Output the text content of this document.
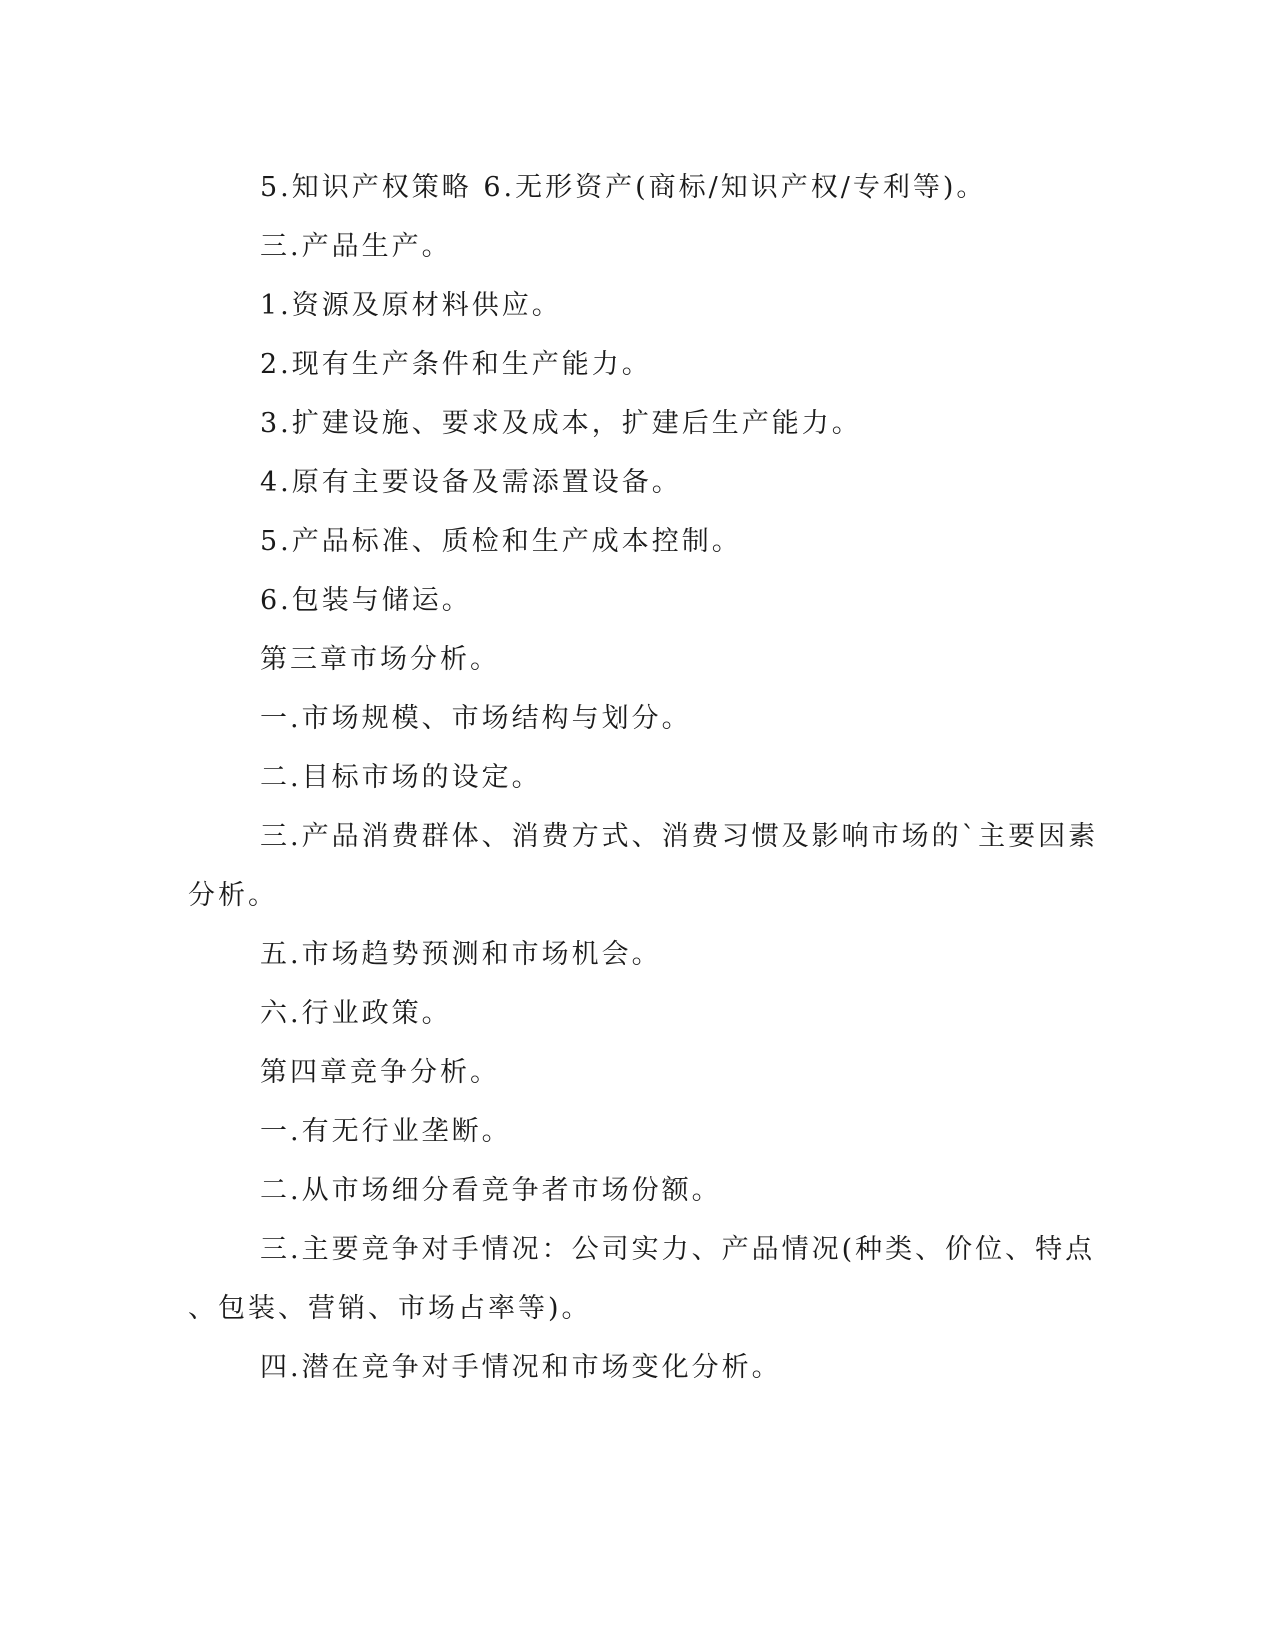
5.知识产权策略 6.无形资产(商标/知识产权/专利等)。
三.产品生产。
1.资源及原材料供应。
2.现有生产条件和生产能力。
3.扩建设施、要求及成本，扩建后生产能力。
4.原有主要设备及需添置设备。
5.产品标准、质检和生产成本控制。
6.包装与储运。
第三章市场分析。
一.市场规模、市场结构与划分。
二.目标市场的设定。
三.产品消费群体、消费方式、消费习惯及影响市场的`主要因素
分析。
五.市场趋势预测和市场机会。
六.行业政策。
第四章竞争分析。
一.有无行业垄断。
二.从市场细分看竞争者市场份额。
三.主要竞争对手情况：公司实力、产品情况(种类、价位、特点
、包装、营销、市场占率等)。
四.潜在竞争对手情况和市场变化分析。
